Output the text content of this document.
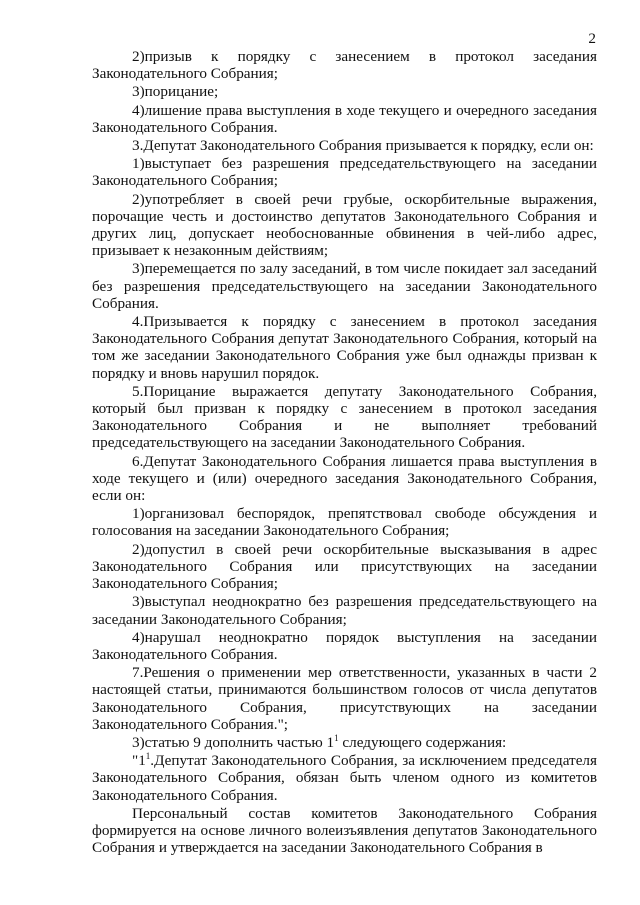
2

2)призыв к порядку с занесением в протокол заседания Законодательного Собрания;

3)порицание;

4)лишение права выступления в ходе текущего и очередного заседания Законодательного Собрания.

3.Депутат Законодательного Собрания призывается к порядку, если он:

1)выступает без разрешения председательствующего на заседании Законодательного Собрания;

2)употребляет в своей речи грубые, оскорбительные выражения, порочащие честь и достоинство депутатов Законодательного Собрания и других лиц, допускает необоснованные обвинения в чей-либо адрес, призывает к незаконным действиям;

3)перемещается по залу заседаний, в том числе покидает зал заседаний без разрешения председательствующего на заседании Законодательного Собрания.

4.Призывается к порядку с занесением в протокол заседания Законодательного Собрания депутат Законодательного Собрания, который на том же заседании Законодательного Собрания уже был однажды призван к порядку и вновь нарушил порядок.

5.Порицание выражается депутату Законодательного Собрания, который был призван к порядку с занесением в протокол заседания Законодательного Собрания и не выполняет требований председательствующего на заседании Законодательного Собрания.

6.Депутат Законодательного Собрания лишается права выступления в ходе текущего и (или) очередного заседания Законодательного Собрания, если он:

1)организовал беспорядок, препятствовал свободе обсуждения и голосования на заседании Законодательного Собрания;

2)допустил в своей речи оскорбительные высказывания в адрес Законодательного Собрания или присутствующих на заседании Законодательного Собрания;

3)выступал неоднократно без разрешения председательствующего на заседании Законодательного Собрания;

4)нарушал неоднократно порядок выступления на заседании Законодательного Собрания.

7.Решения о применении мер ответственности, указанных в части 2 настоящей статьи, принимаются большинством голосов от числа депутатов Законодательного Собрания, присутствующих на заседании Законодательного Собрания.";

3)статью 9 дополнить частью $1^1$ следующего содержания:

"$1^1.Депутат$ Законодательного Собрания, за исключением председателя Законодательного Собрания, обязан быть членом одного из комитетов Законодательного Собрания.

Персональный состав комитетов Законодательного Собрания формируется на основе личного волеизъявления депутатов Законодательного Собрания и утверждается на заседании Законодательного Собрания в
